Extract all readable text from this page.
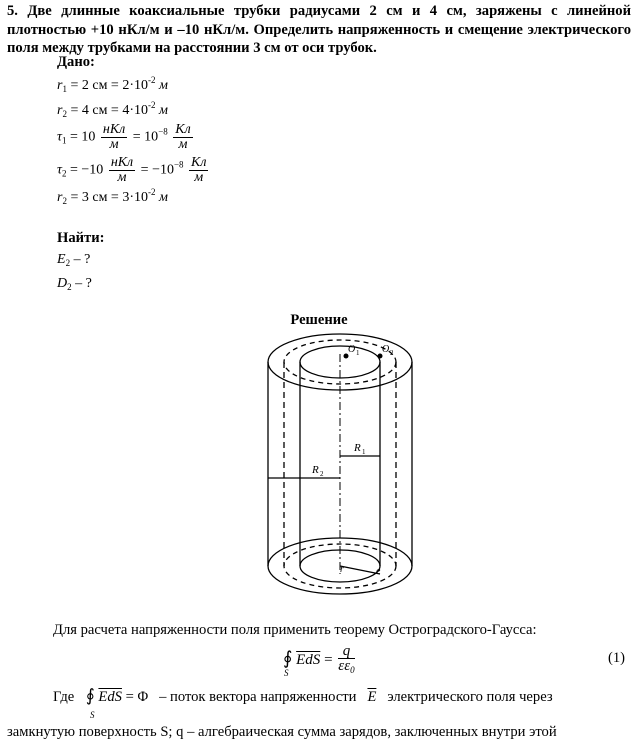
5. Две длинные коаксиальные трубки радиусами 2 см и 4 см, заряжены с линейной плотностью +10 нКл/м и –10 нКл/м. Определить напряженность и смещение электрического поля между трубками на расстоянии 3 см от оси трубок.
Дано:
$r_1 = 2$ см = $2\cdot 10^{-2}$ м
$r_2 = 4$ см = $4\cdot 10^{-2}$ м
$\tau_1 = 10 \frac{\text{нКл}}{м} = 10^{-8} \frac{Кл}{м}$
$\tau_2 = -10 \frac{\text{нКл}}{м} = -10^{-8} \frac{Кл}{м}$
$r_2 = 3$ см = $3\cdot 10^{-2}$ м
Найти:
$E_2$ – ?
$D_2$ – ?
Решение
O 1 O 2
R 1
R 2
r	e
Для расчета напряженности поля применить теорему Остроградского-Гаусса:
∮ $\overline{EdS} = \frac{q}{\varepsilon\varepsilon_0}$
S
(1)
Где ∮ $\overline{EdS} = \Phi$ – поток вектора напряженности $\overline{E}$ электрического поля через
S
замкнутую поверхность S; q – алгебраическая сумма зарядов, заключенных внутри этой
